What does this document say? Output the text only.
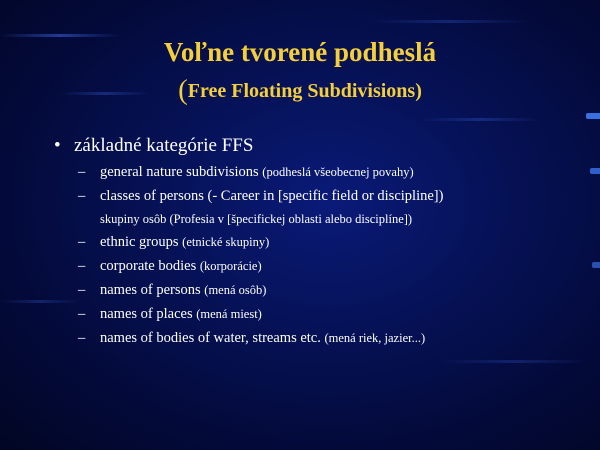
Voľne tvorené podheslá
(Free Floating Subdivisions)
• základné kategórie FFS
– general nature subdivisions (podheslá všeobecnej povahy)
– classes of persons (- Career in [specific field or discipline])
skupiny osôb (Profesia v [špecifickej oblasti alebo disciplíne])
– ethnic groups (etnické skupiny)
– corporate bodies (korporácie)
– names of persons (mená osôb)
– names of places (mená miest)
– names of bodies of water, streams etc. (mená riek, jazier...)
